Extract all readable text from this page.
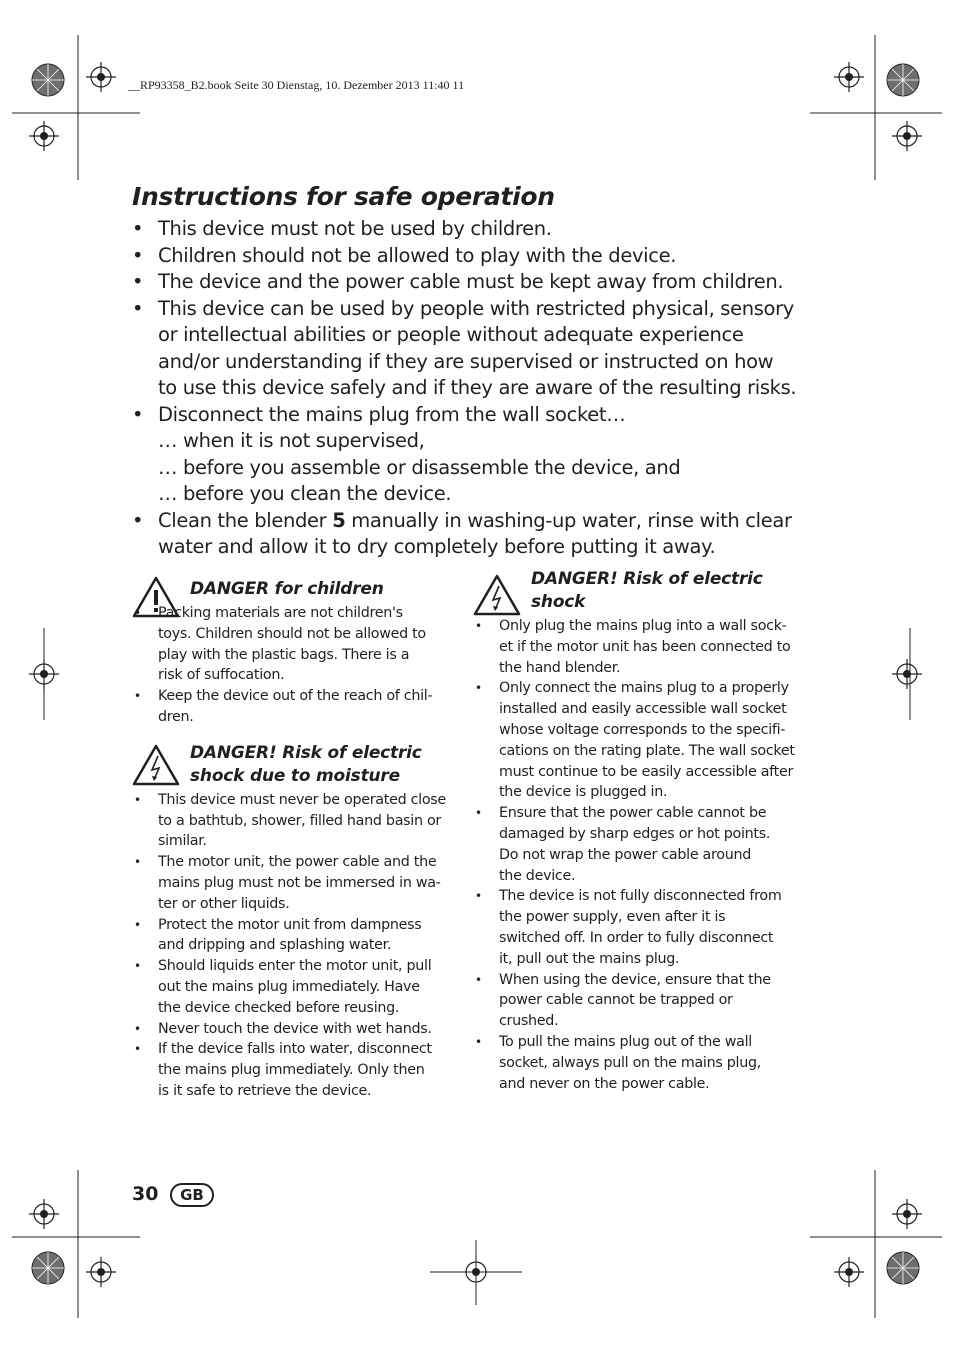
__RP93358_B2.book Seite 30 Dienstag, 10. Dezember 2013 11:40 11
Instructions for safe operation
• This device must not be used by children.
• Children should not be allowed to play with the device.
• The device and the power cable must be kept away from children.
• This device can be used by people with restricted physical, sensory
or intellectual abilities or people without adequate experience
and/or understanding if they are supervised or instructed on how
to use this device safely and if they are aware of the resulting risks.
• Disconnect the mains plug from the wall socket…
… when it is not supervised,
… before you assemble or disassemble the device, and
… before you clean the device.
• Clean the blender 5 manually in washing-up water, rinse with clear
water and allow it to dry completely before putting it away.
DANGER for children
• Packing materials are not children's
toys. Children should not be allowed to
play with the plastic bags. There is a
risk of suffocation.
• Keep the device out of the reach of chil-
dren.
DANGER! Risk of electric
shock due to moisture
• This device must never be operated close
to a bathtub, shower, filled hand basin or
similar.
• The motor unit, the power cable and the
mains plug must not be immersed in wa-
ter or other liquids.
• Protect the motor unit from dampness
and dripping and splashing water.
• Should liquids enter the motor unit, pull
out the mains plug immediately. Have
the device checked before reusing.
• Never touch the device with wet hands.
• If the device falls into water, disconnect
the mains plug immediately. Only then
is it safe to retrieve the device.
DANGER! Risk of electric
shock
• Only plug the mains plug into a wall sock-
et if the motor unit has been connected to
the hand blender.
• Only connect the mains plug to a properly
installed and easily accessible wall socket
whose voltage corresponds to the specifi-
cations on the rating plate. The wall socket
must continue to be easily accessible after
the device is plugged in.
• Ensure that the power cable cannot be
damaged by sharp edges or hot points.
Do not wrap the power cable around
the device.
• The device is not fully disconnected from
the power supply, even after it is
switched off. In order to fully disconnect
it, pull out the mains plug.
• When using the device, ensure that the
power cable cannot be trapped or
crushed.
• To pull the mains plug out of the wall
socket, always pull on the mains plug,
and never on the power cable.
30	GB
